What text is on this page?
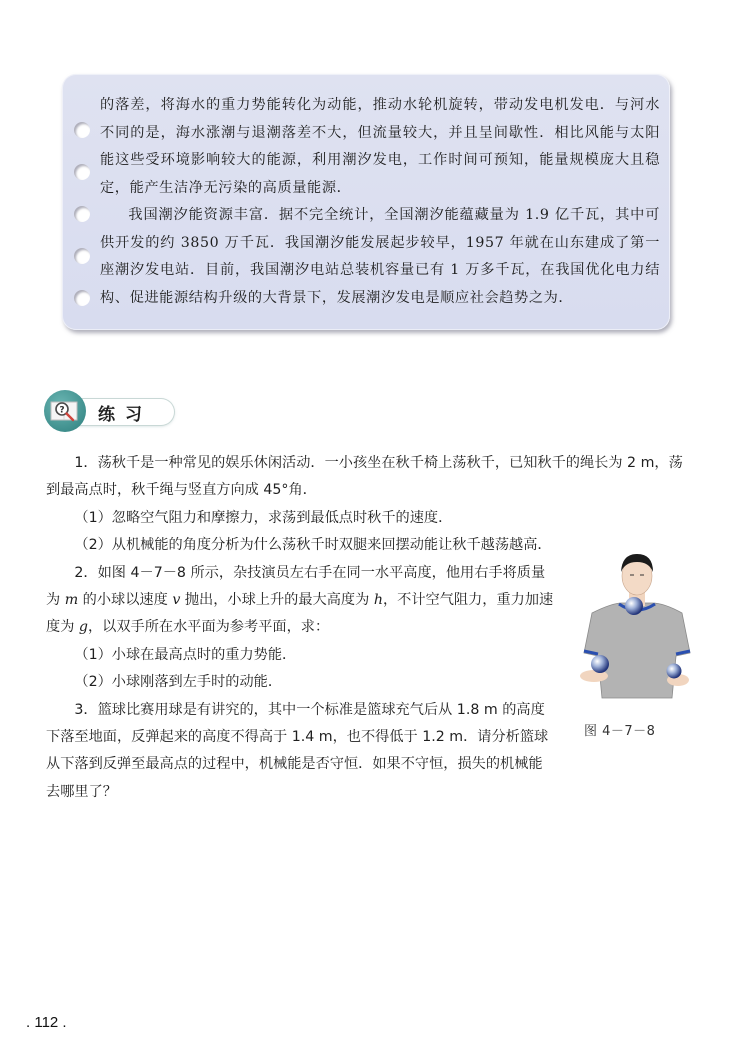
的落差，将海水的重力势能转化为动能，推动水轮机旋转，带动发电机发电．与河水不同的是，海水涨潮与退潮落差不大，但流量较大，并且呈间歇性．相比风能与太阳能这些受环境影响较大的能源，利用潮汐发电，工作时间可预知，能量规模庞大且稳定，能产生洁净无污染的高质量能源．

我国潮汐能资源丰富．据不完全统计，全国潮汐能蕴藏量为 1.9 亿千瓦，其中可供开发的约 3850 万千瓦．我国潮汐能发展起步较早，1957 年就在山东建成了第一座潮汐发电站．目前，我国潮汐电站总装机容量已有 1 万多千瓦，在我国优化电力结构、促进能源结构升级的大背景下，发展潮汐发电是顺应社会趋势之为．

? 练习

1．荡秋千是一种常见的娱乐休闲活动．一小孩坐在秋千椅上荡秋千，已知秋千的绳长为 2 m，荡到最高点时，秋千绳与竖直方向成 45°角．

（1）忽略空气阻力和摩擦力，求荡到最低点时秋千的速度．

（2）从机械能的角度分析为什么荡秋千时双腿来回摆动能让秋千越荡越高．

2．如图 4－7－8 所示，杂技演员左右手在同一水平高度，他用右手将质量为 m 的小球以速度 v 抛出，小球上升的最大高度为 h，不计空气阻力，重力加速度为 g，以双手所在水平面为参考平面，求：

（1）小球在最高点时的重力势能．

（2）小球刚落到左手时的动能．

3．篮球比赛用球是有讲究的，其中一个标准是篮球充气后从 1.8 m 的高度下落至地面，反弹起来的高度不得高于 1.4 m，也不得低于 1.2 m．请分析篮球从下落到反弹至最高点的过程中，机械能是否守恒．如果不守恒，损失的机械能去哪里了？

图 4－7－8
. 112 .
